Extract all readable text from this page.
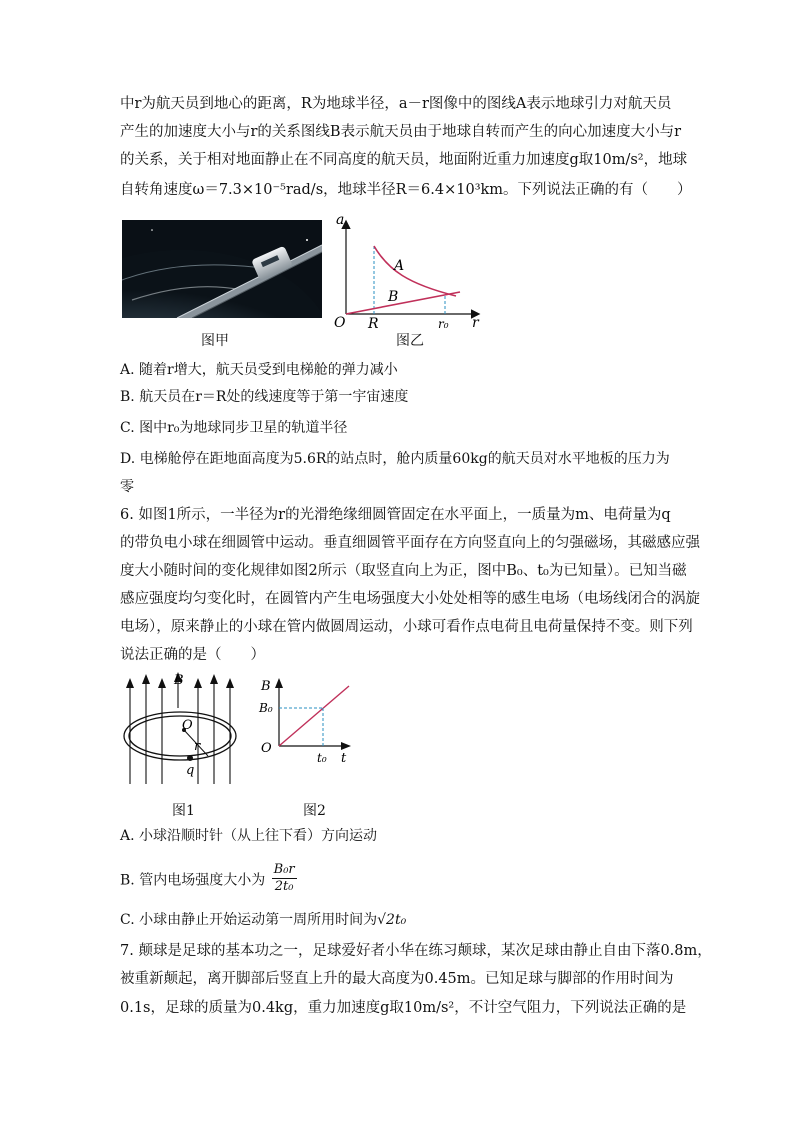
中r为航天员到地心的距离，R为地球半径，a－r图像中的图线A表示地球引力对航天员
产生的加速度大小与r的关系图线B表示航天员由于地球自转而产生的向心加速度大小与r
的关系，关于相对地面静止在不同高度的航天员，地面附近重力加速度g取10m/s²，地球
自转角速度ω＝7.3×10⁻⁵rad/s，地球半径R＝6.4×10³km。下列说法正确的有（　　）
图甲
a
A
B
O R	r₀ r
图乙
A. 随着r增大，航天员受到电梯舱的弹力减小
B. 航天员在r＝R处的线速度等于第一宇宙速度
C. 图中r₀为地球同步卫星的轨道半径
D. 电梯舱停在距地面高度为5.6R的站点时，舱内质量60kg的航天员对水平地板的压力为
零
6. 如图1所示，一半径为r的光滑绝缘细圆管固定在水平面上，一质量为m、电荷量为q
的带负电小球在细圆管中运动。垂直细圆管平面存在方向竖直向上的匀强磁场，其磁感应强
度大小随时间的变化规律如图2所示（取竖直向上为正，图中B₀、t₀为已知量）。已知当磁
感应强度均匀变化时，在圆管内产生电场强度大小处处相等的感生电场（电场线闭合的涡旋
电场），原来静止的小球在管内做圆周运动，小球可看作点电荷且电荷量保持不变。则下列
说法正确的是（　　）
B
O
r
q
图1
B
B₀
O
t₀ t
图2
A. 小球沿顺时针（从上往下看）方向运动
B. 管内电场强度大小为 $\frac{\text{B₀r}}{\text{2t₀}}$
C. 小球由静止开始运动第一周所用时间为√2t₀
7. 颠球是足球的基本功之一，足球爱好者小华在练习颠球，某次足球由静止自由下落0.8m，
被重新颠起，离开脚部后竖直上升的最大高度为0.45m。已知足球与脚部的作用时间为
0.1s，足球的质量为0.4kg，重力加速度g取10m/s²，不计空气阻力，下列说法正确的是
